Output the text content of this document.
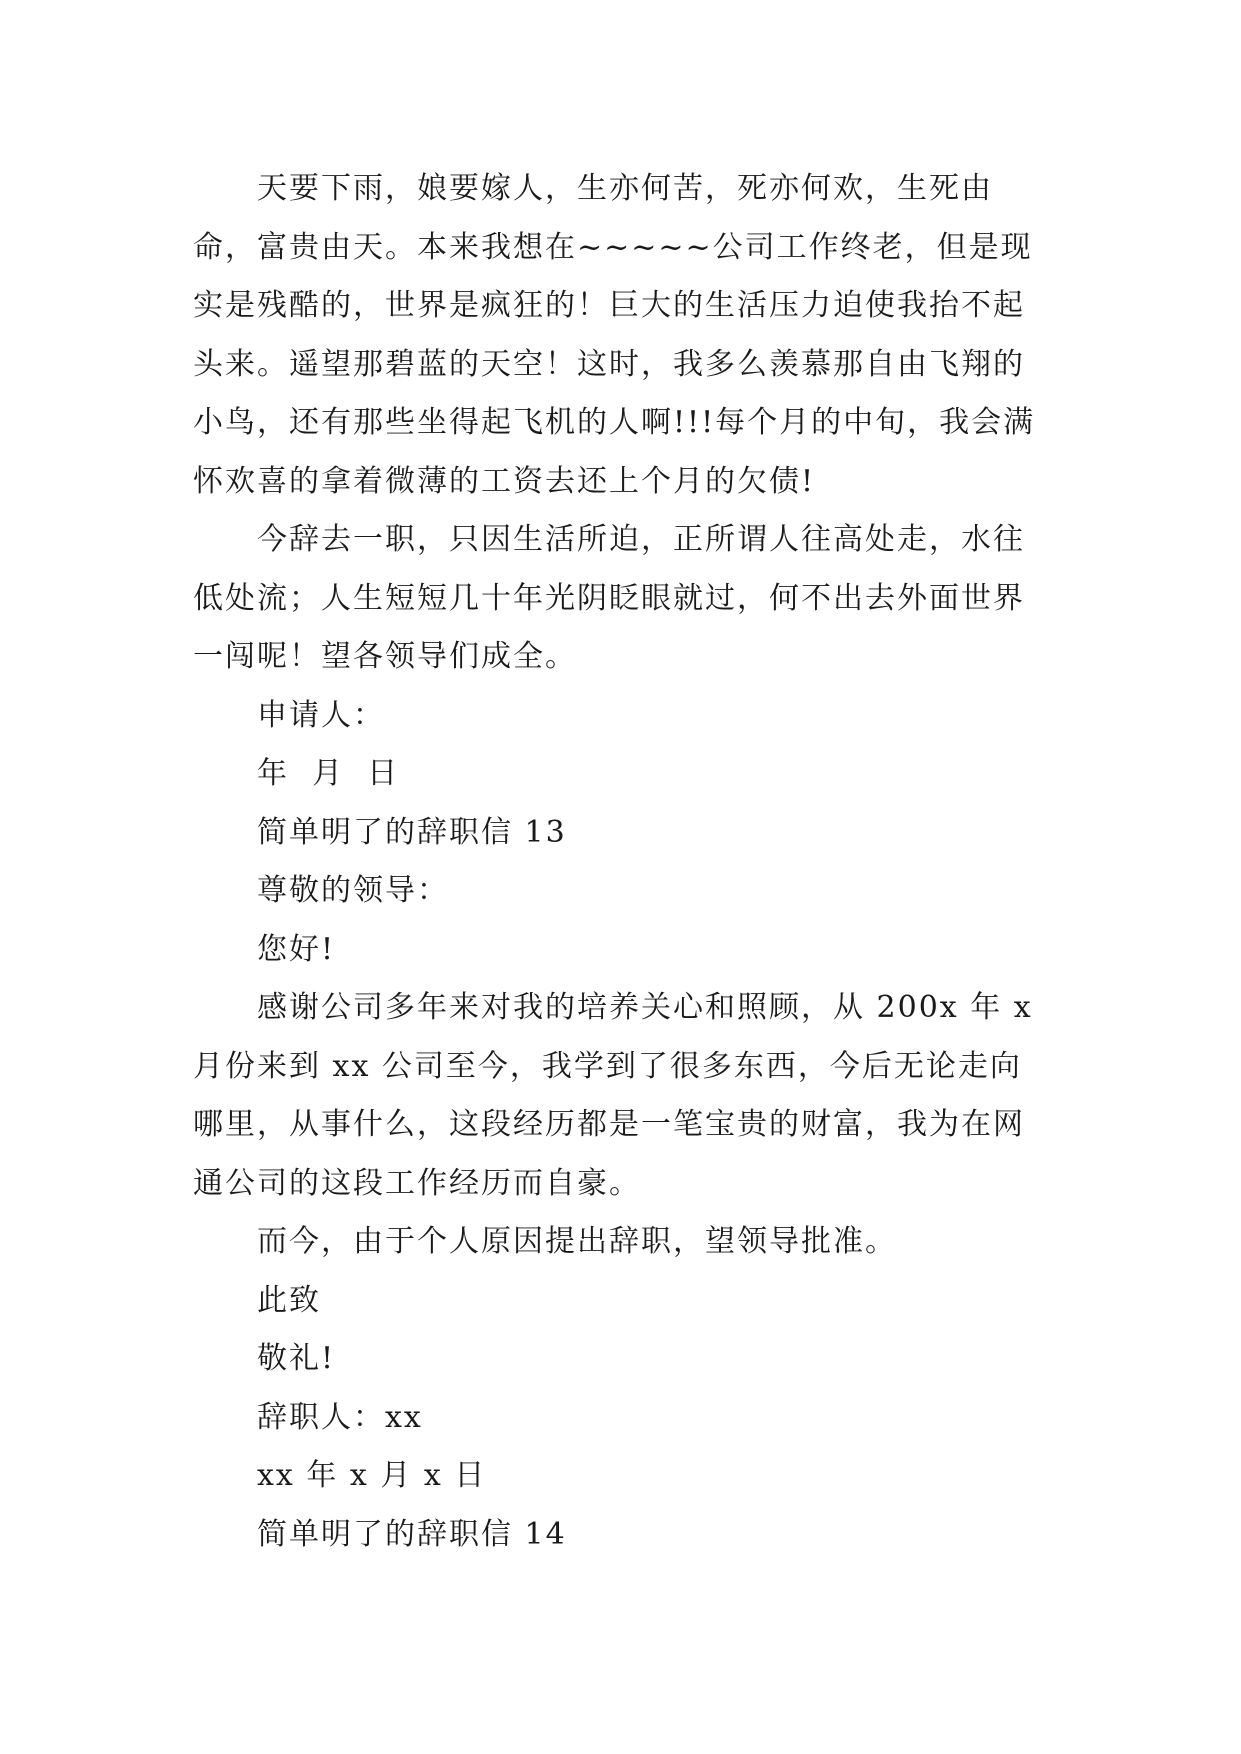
天要下雨，娘要嫁人，生亦何苦，死亦何欢，生死由命，富贵由天。本来我想在~~~~~公司工作终老，但是现实是残酷的，世界是疯狂的！巨大的生活压力迫使我抬不起头来。遥望那碧蓝的天空！这时，我多么羡慕那自由飞翔的小鸟，还有那些坐得起飞机的人啊!!!每个月的中旬，我会满怀欢喜的拿着微薄的工资去还上个月的欠债!

今辞去一职，只因生活所迫，正所谓人往高处走，水往低处流；人生短短几十年光阴眨眼就过，何不出去外面世界一闯呢！望各领导们成全。

申请人：

年  月  日

简单明了的辞职信 13

尊敬的领导：

您好!

感谢公司多年来对我的培养关心和照顾，从 200x 年 x 月份来到 xx 公司至今，我学到了很多东西，今后无论走向哪里，从事什么，这段经历都是一笔宝贵的财富，我为在网通公司的这段工作经历而自豪。

而今，由于个人原因提出辞职，望领导批准。

此致

敬礼!

辞职人：xx

xx 年 x 月 x 日

简单明了的辞职信 14
